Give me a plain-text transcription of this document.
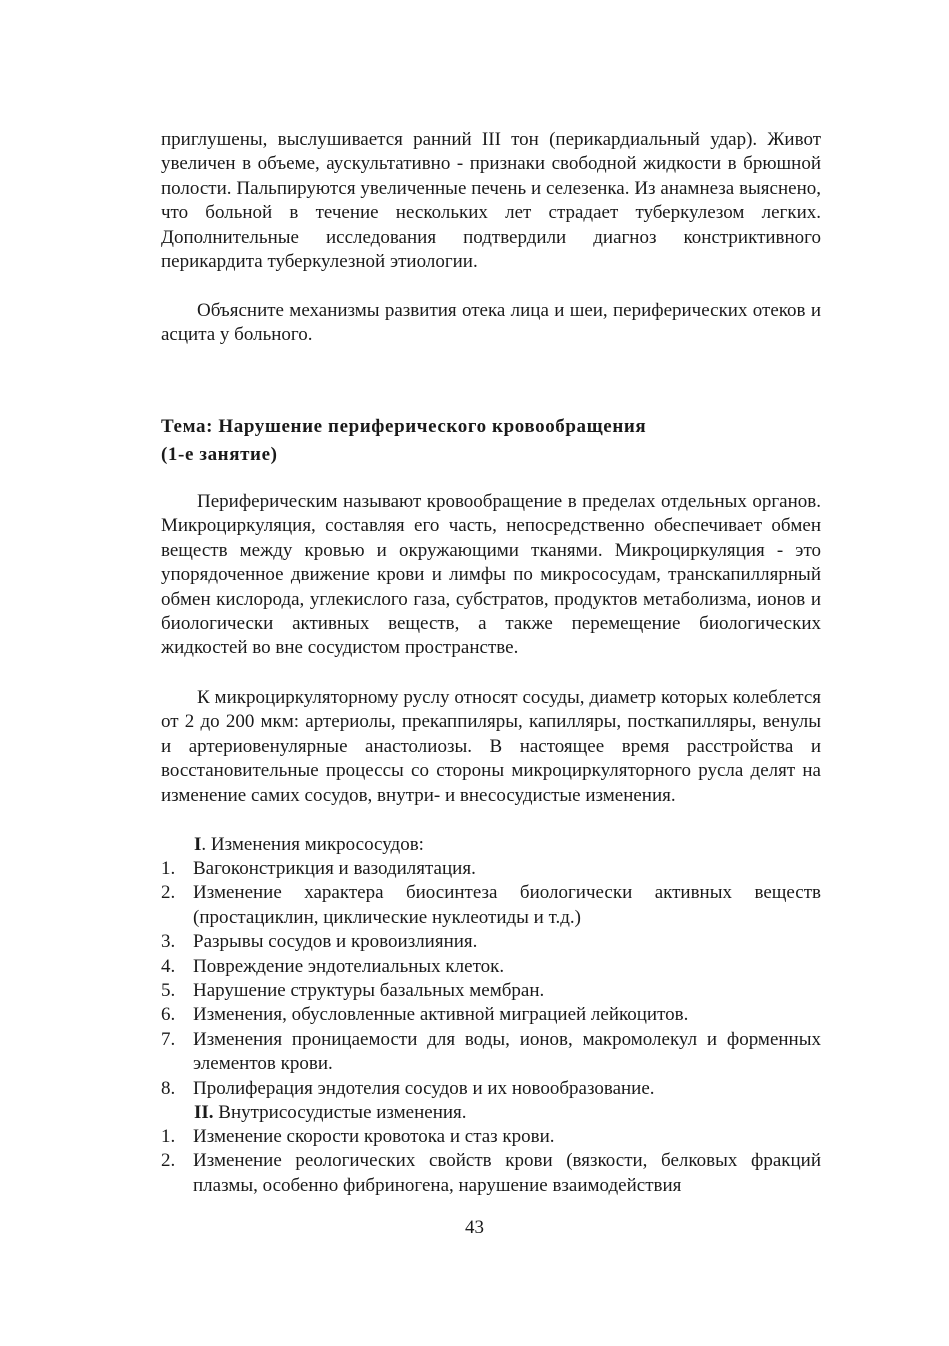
приглушены, выслушивается ранний III тон (перикардиальный удар). Живот увеличен в объеме, аускультативно - признаки свободной жидкости в брюшной полости. Пальпируются увеличенные печень и селезенка. Из анамнеза выяснено, что больной в течение нескольких лет страдает туберкулезом легких. Дополнительные исследования подтвердили диагноз констриктивного перикардита туберкулезной этиологии.

Объясните механизмы развития отека лица и шеи, периферических отеков и асцита у больного.

Тема: Нарушение периферического кровообращения
(1-е занятие)

Периферическим называют кровообращение в пределах отдельных органов. Микроциркуляция, составляя его часть, непосредственно обеспечивает обмен веществ между кровью и окружающими тканями. Микроциркуляция - это упорядоченное движение крови и лимфы по микрососудам, транскапиллярный обмен кислорода, углекислого газа, субстратов, продуктов метаболизма, ионов и биологически активных веществ, а также перемещение биологических жидкостей во вне сосудистом пространстве.

К микроциркуляторному руслу относят сосуды, диаметр которых колеблется от 2 до 200 мкм: артериолы, прекаппиляры, капилляры, посткапилляры, венулы и артериовенулярные анастолиозы. В настоящее время расстройства и восстановительные процессы со стороны микроциркуляторного русла делят на изменение самих сосудов, внутри- и внесосудистые изменения.

I. Изменения микрососудов:

1. Вагоконстрикция и вазодилятация.
2. Изменение характера биосинтеза биологически активных веществ (простациклин, циклические нуклеотиды и т.д.)
3. Разрывы сосудов и кровоизлияния.
4. Повреждение эндотелиальных клеток.
5. Нарушение структуры базальных мембран.
6. Изменения, обусловленные активной миграцией лейкоцитов.
7. Изменения проницаемости для воды, ионов, макромолекул и форменных элементов крови.
8. Пролиферация эндотелия сосудов и их новообразование.

II. Внутрисосудистые изменения.

1. Изменение скорости кровотока и стаз крови.
2. Изменение реологических свойств крови (вязкости, белковых фракций плазмы, особенно фибриногена, нарушение взаимодействия
43
